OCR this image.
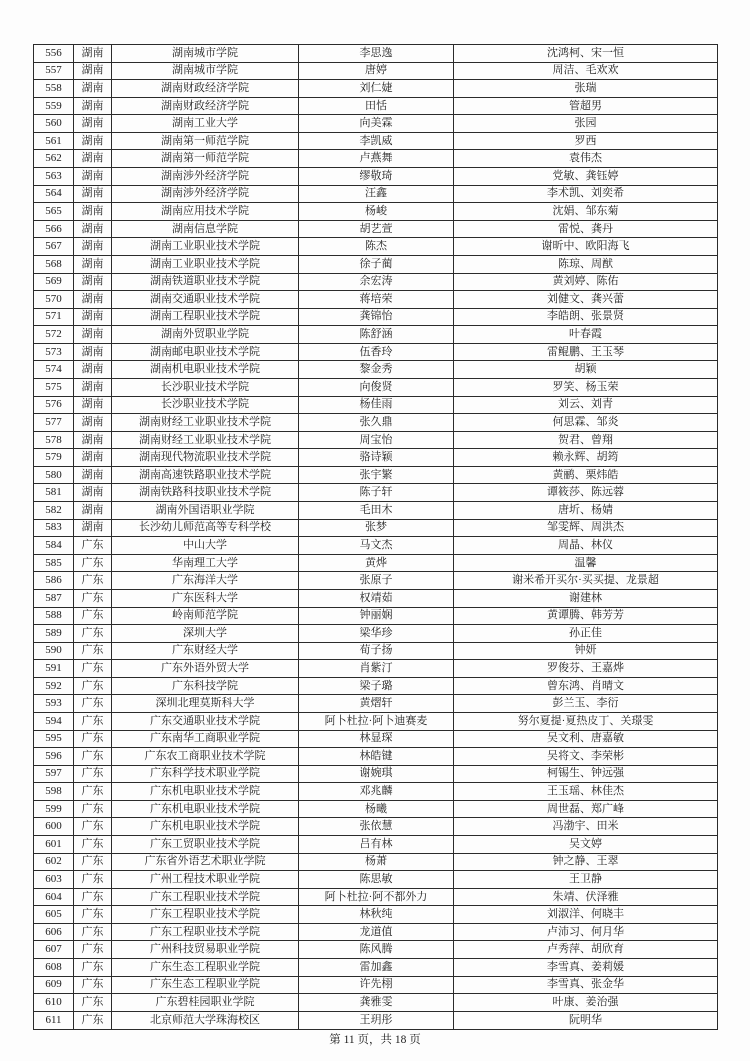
556	湖南	湖南城市学院	李思逸	沈鸿柯、宋一恒
557	湖南	湖南城市学院	唐婷	周洁、毛欢欢
558	湖南	湖南财政经济学院	刘仁婕	张瑞
559	湖南	湖南财政经济学院	田恬	管超男
560	湖南	湖南工业大学	向美霖	张园
561	湖南	湖南第一师范学院	李凯威	罗西
562	湖南	湖南第一师范学院	卢燕舞	袁伟杰
563	湖南	湖南涉外经济学院	缪敬琦	党敏、龚钰婷
564	湖南	湖南涉外经济学院	汪鑫	李术凯、刘奕希
565	湖南	湖南应用技术学院	杨峻	沈娟、邹东菊
566	湖南	湖南信息学院	胡艺萱	雷悦、龚丹
567	湖南	湖南工业职业技术学院	陈杰	谢昕中、欧阳海飞
568	湖南	湖南工业职业技术学院	徐子蔺	陈琼、周猷
569	湖南	湖南铁道职业技术学院	余宏涛	黄刘婷、陈佑
570	湖南	湖南交通职业技术学院	蒋培荣	刘健文、龚兴蕾
571	湖南	湖南工程职业技术学院	龚锦怡	李皓朗、张景贤
572	湖南	湖南外贸职业学院	陈舒涵	叶春霞
573	湖南	湖南邮电职业技术学院	伍香玲	雷鲲鹏、王玉琴
574	湖南	湖南机电职业技术学院	黎金秀	胡颖
575	湖南	长沙职业技术学院	向俊贤	罗笑、杨玉荣
576	湖南	长沙职业技术学院	杨佳雨	刘云、刘青
577	湖南	湖南财经工业职业技术学院	张久鼎	何思霖、邹炎
578	湖南	湖南财经工业职业技术学院	周宝怡	贺君、曾翔
579	湖南	湖南现代物流职业技术学院	骆诗颖	赖永辉、胡筠
580	湖南	湖南高速铁路职业技术学院	张宇繁	黄鹂、栗炜皓
581	湖南	湖南铁路科技职业技术学院	陈子轩	谭筱莎、陈远蓉
582	湖南	湖南外国语职业学院	毛田木	唐圻、杨婧
583	湖南	长沙幼儿师范高等专科学校	张梦	邹雯辉、周洪杰
584	广东	中山大学	马文杰	周晶、林仪
585	广东	华南理工大学	黄烨	温馨
586	广东	广东海洋大学	张原子	谢米希开买尔·买买提、龙景超
587	广东	广东医科大学	权靖茹	谢建林
588	广东	岭南师范学院	钟丽娴	黄谭腾、韩芳芳
589	广东	深圳大学	梁华珍	孙正佳
590	广东	广东财经大学	荀子扬	钟妍
591	广东	广东外语外贸大学	肖紫汀	罗俊芬、王嘉烨
592	广东	广东科技学院	梁子璐	曾东鸿、肖晴文
593	广东	深圳北理莫斯科大学	黄熠轩	彭兰玉、李衍
594	广东	广东交通职业技术学院	阿卜杜拉·阿卜迪赛麦	努尔夏提·夏热皮丁、关璟雯
595	广东	广东南华工商职业学院	林显琛	吴文利、唐嘉敏
596	广东	广东农工商职业技术学院	林皓键	吴将文、李荣彬
597	广东	广东科学技术职业学院	谢婉琪	柯锡生、钟远强
598	广东	广东机电职业技术学院	邓兆麟	王玉瑶、林佳杰
599	广东	广东机电职业技术学院	杨曦	周世磊、郑广峰
600	广东	广东机电职业技术学院	张依慧	冯渤宇、田米
601	广东	广东工贸职业技术学院	吕有林	吴文婷
602	广东	广东省外语艺术职业学院	杨萧	钟之静、王翠
603	广东	广州工程技术职业学院	陈思敏	王卫静
604	广东	广东工程职业技术学院	阿卜杜拉·阿不都外力	朱靖、伏泽雅
605	广东	广东工程职业技术学院	林秋纯	刘淑洋、何晓丰
606	广东	广东工程职业技术学院	龙道值	卢沛习、何月华
607	广东	广州科技贸易职业学院	陈风腾	卢秀萍、胡欣育
608	广东	广东生态工程职业学院	雷加鑫	李雪真、姜莉媛
609	广东	广东生态工程职业学院	许先栩	李雪真、张金华
610	广东	广东碧桂园职业学院	龚雅雯	叶康、姜治强
611	广东	北京师范大学珠海校区	王玥彤	阮明华
第 11 页，共 18 页
